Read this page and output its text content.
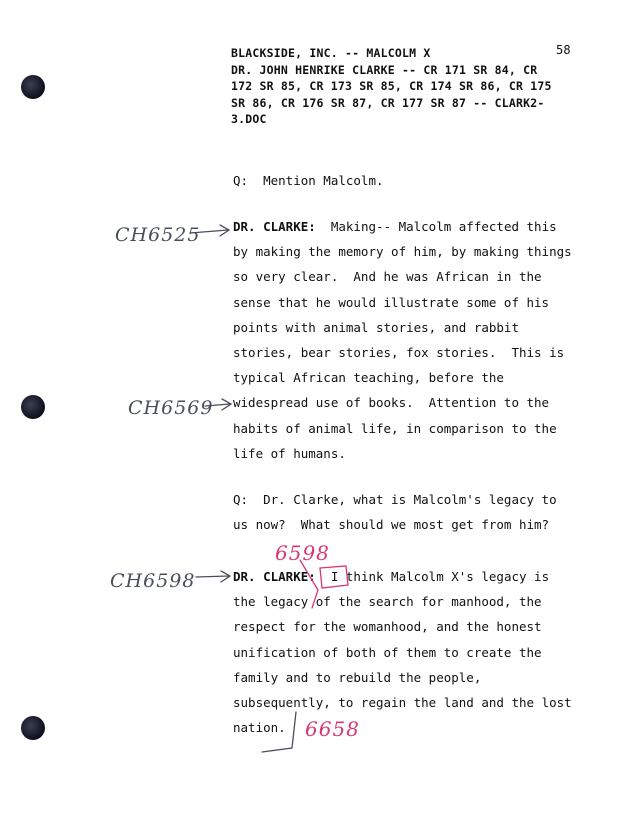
BLACKSIDE, INC. -- MALCOLM X
DR. JOHN HENRIKE CLARKE -- CR 171 SR 84, CR
172 SR 85, CR 173 SR 85, CR 174 SR 86, CR 175
SR 86, CR 176 SR 87, CR 177 SR 87 -- CLARK2-
3.DOC
58
Q:  Mention Malcolm.
DR. CLARKE:  Making-- Malcolm affected this
by making the memory of him, by making things
so very clear.  And he was African in the
sense that he would illustrate some of his
points with animal stories, and rabbit
stories, bear stories, fox stories.  This is
typical African teaching, before the
widespread use of books.  Attention to the
habits of animal life, in comparison to the
life of humans.
Q:  Dr. Clarke, what is Malcolm's legacy to
us now?  What should we most get from him?
DR. CLARKE:  I think Malcolm X's legacy is
the legacy of the search for manhood, the
respect for the womanhood, and the honest
unification of both of them to create the
family and to rebuild the people,
subsequently, to regain the land and the lost
nation.
CH6525
CH6569
CH6598
6598
6658
